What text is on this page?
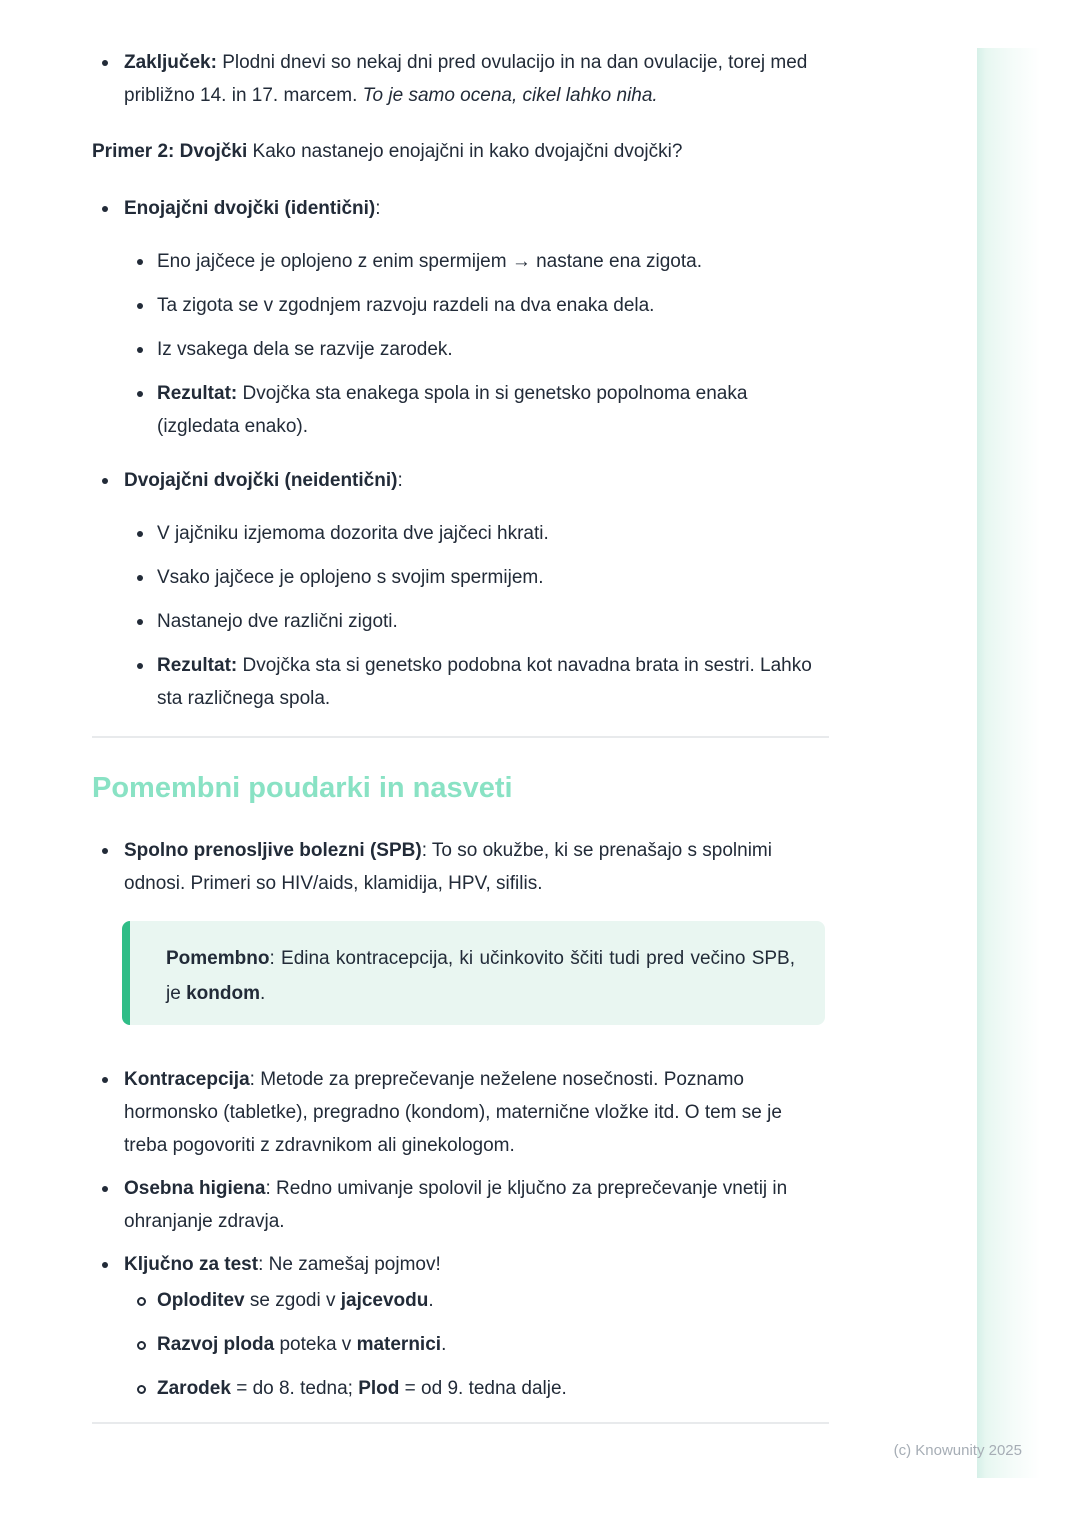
Zaključek: Plodni dnevi so nekaj dni pred ovulacijo in na dan ovulacije, torej med približno 14. in 17. marcem. To je samo ocena, cikel lahko niha.

Primer 2: Dvojčki Kako nastanejo enojajčni in kako dvojajčni dvojčki?

Enojajčni dvojčki (identični):
Eno jajčece je oplojeno z enim spermijem → nastane ena zigota.
Ta zigota se v zgodnjem razvoju razdeli na dva enaka dela.
Iz vsakega dela se razvije zarodek.
Rezultat: Dvojčka sta enakega spola in si genetsko popolnoma enaka (izgledata enako).
Dvojajčni dvojčki (neidentični):
V jajčniku izjemoma dozorita dve jajčeci hkrati.
Vsako jajčece je oplojeno s svojim spermijem.
Nastanejo dve različni zigoti.
Rezultat: Dvojčka sta si genetsko podobna kot navadna brata in sestri. Lahko sta različnega spola.
Pomembni poudarki in nasveti
Spolno prenosljive bolezni (SPB): To so okužbe, ki se prenašajo s spolnimi odnosi. Primeri so HIV/aids, klamidija, HPV, sifilis.

Pomembno: Edina kontracepcija, ki učinkovito ščiti tudi pred večino SPB, je kondom.

Kontracepcija: Metode za preprečevanje neželene nosečnosti. Poznamo hormonsko (tabletke), pregradno (kondom), maternične vložke itd. O tem se je treba pogovoriti z zdravnikom ali ginekologom.
Osebna higiena: Redno umivanje spolovil je ključno za preprečevanje vnetij in ohranjanje zdravja.
Ključno za test: Ne zamešaj pojmov!
Oploditev se zgodi v jajcevodu.
Razvoj ploda poteka v maternici.
Zarodek = do 8. tedna; Plod = od 9. tedna dalje.
(c) Knowunity 2025
